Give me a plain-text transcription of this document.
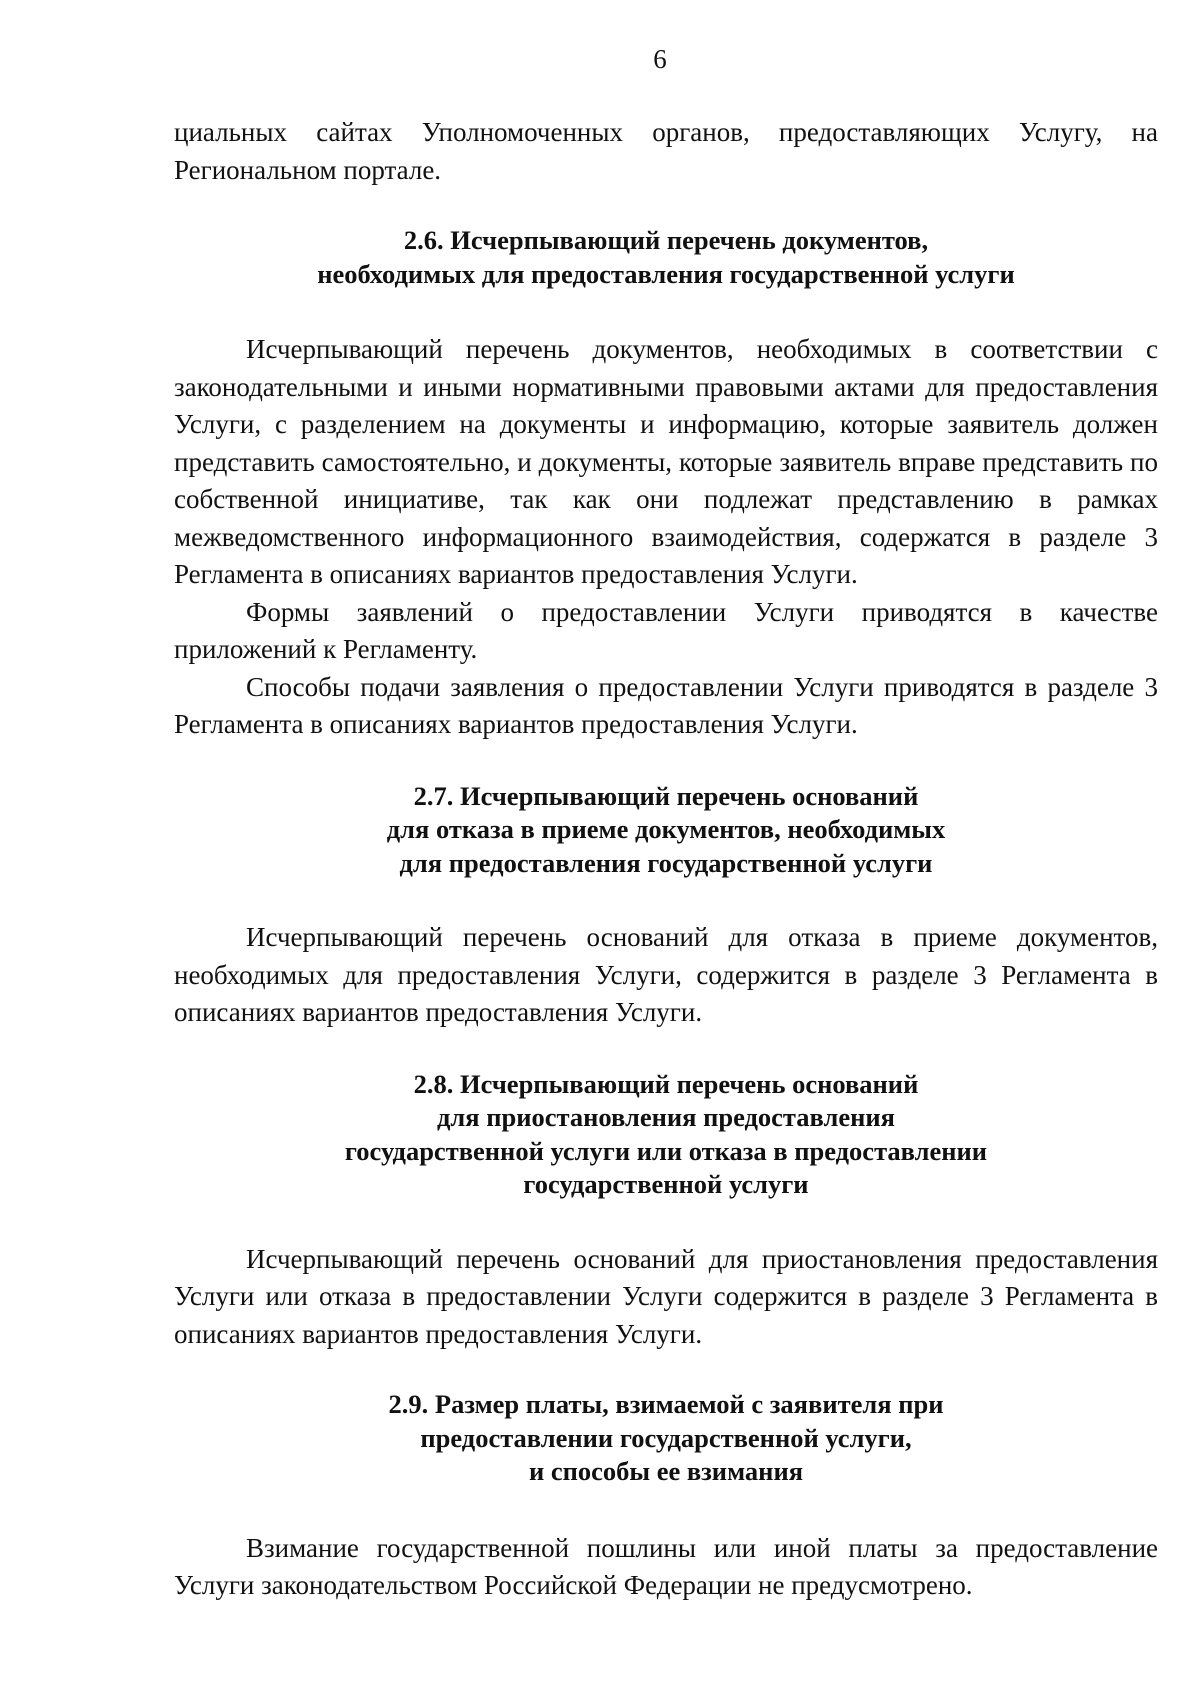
6

циальных сайтах Уполномоченных органов, предоставляющих Услугу, на Региональном портале.

2.6. Исчерпывающий перечень документов,
необходимых для предоставления государственной услуги

Исчерпывающий перечень документов, необходимых в соответствии с законодательными и иными нормативными правовыми актами для предоставления Услуги, с разделением на документы и информацию, которые заявитель должен представить самостоятельно, и документы, которые заявитель вправе представить по собственной инициативе, так как они подлежат представлению в рамках межведомственного информационного взаимодействия, содержатся в разделе 3 Регламента в описаниях вариантов предоставления Услуги.

Формы заявлений о предоставлении Услуги приводятся в качестве приложений к Регламенту.

Способы подачи заявления о предоставлении Услуги приводятся в разделе 3 Регламента в описаниях вариантов предоставления Услуги.

2.7. Исчерпывающий перечень оснований
для отказа в приеме документов, необходимых
для предоставления государственной услуги

Исчерпывающий перечень оснований для отказа в приеме документов, необходимых для предоставления Услуги, содержится в разделе 3 Регламента в описаниях вариантов предоставления Услуги.

2.8. Исчерпывающий перечень оснований
для приостановления предоставления
государственной услуги или отказа в предоставлении
государственной услуги

Исчерпывающий перечень оснований для приостановления предоставления Услуги или отказа в предоставлении Услуги содержится в разделе 3 Регламента в описаниях вариантов предоставления Услуги.

2.9. Размер платы, взимаемой с заявителя при
предоставлении государственной услуги,
и способы ее взимания

Взимание государственной пошлины или иной платы за предоставление Услуги законодательством Российской Федерации не предусмотрено.
